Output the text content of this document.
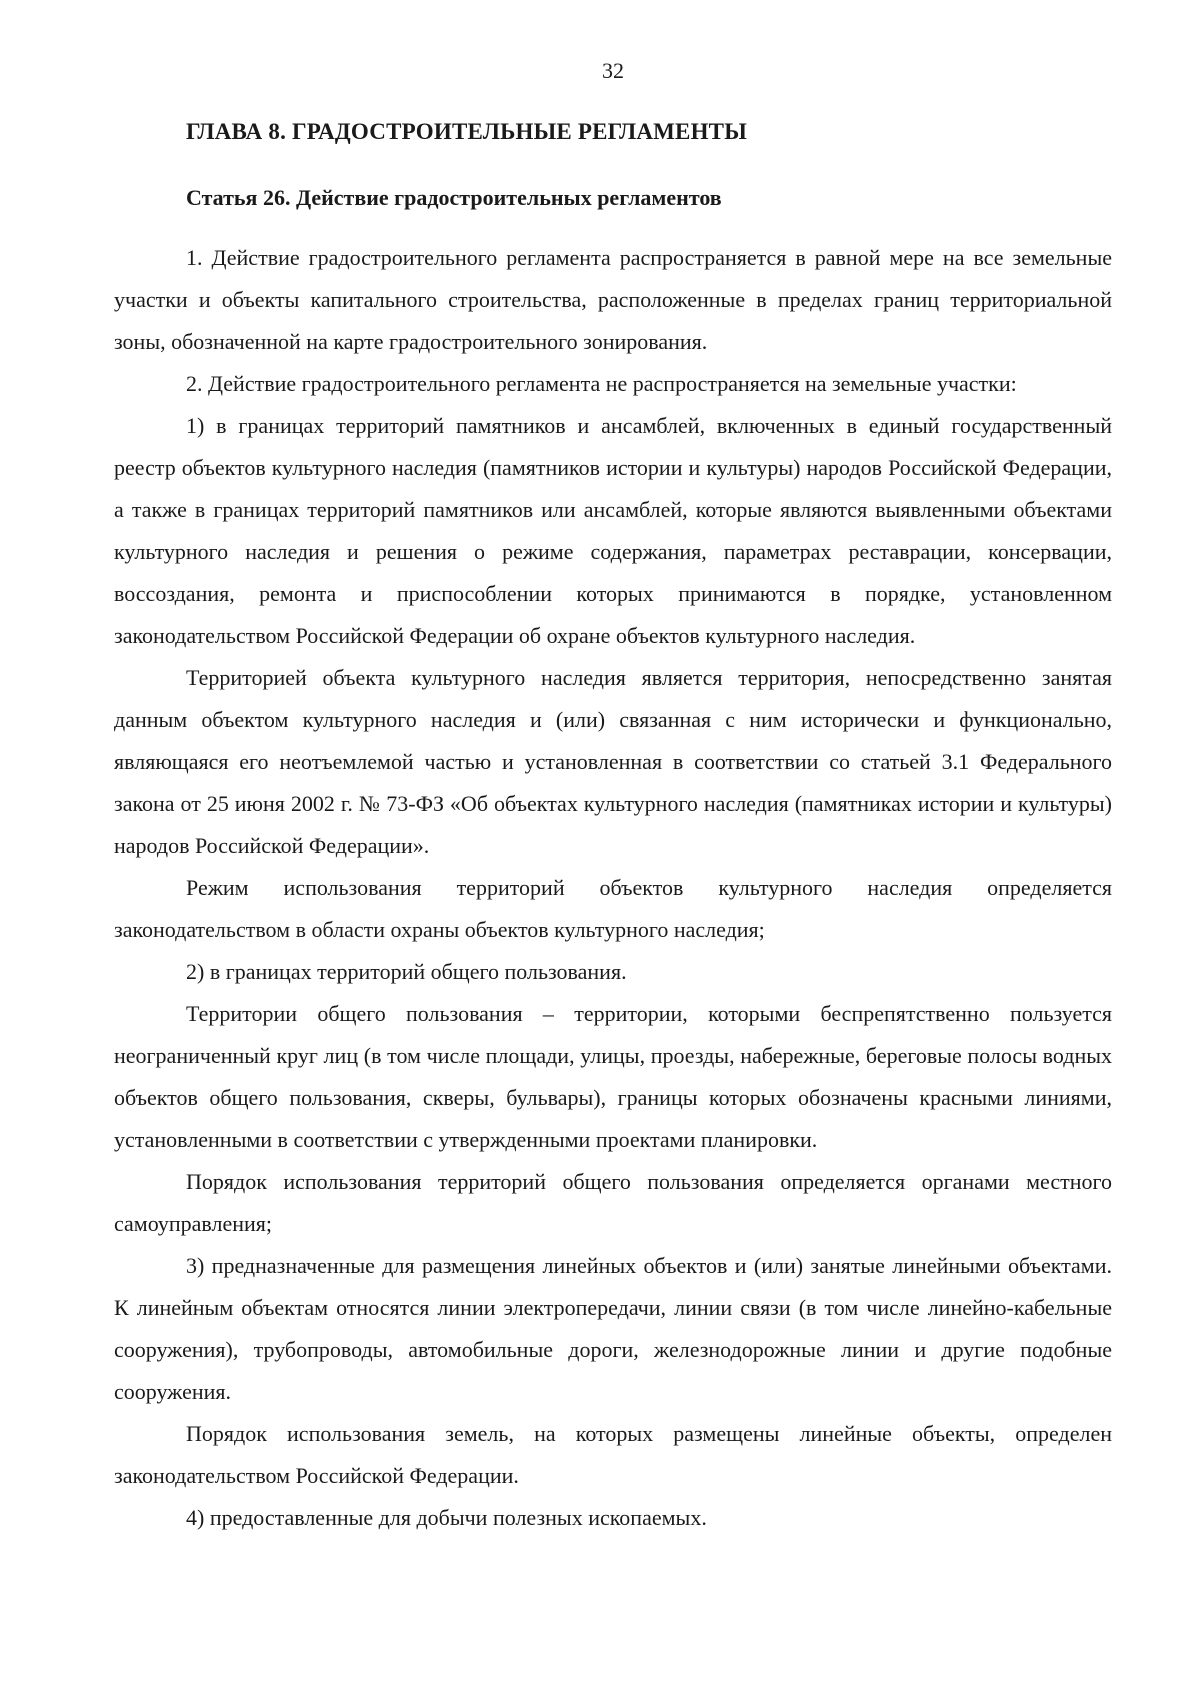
32
ГЛАВА 8. ГРАДОСТРОИТЕЛЬНЫЕ РЕГЛАМЕНТЫ
Статья 26. Действие градостроительных регламентов

1. Действие градостроительного регламента распространяется в равной мере на все земельные участки и объекты капитального строительства, расположенные в пределах границ территориальной зоны, обозначенной на карте градостроительного зонирования.

2. Действие градостроительного регламента не распространяется на земельные участки:

1) в границах территорий памятников и ансамблей, включенных в единый государственный реестр объектов культурного наследия (памятников истории и культуры) народов Российской Федерации, а также в границах территорий памятников или ансамблей, которые являются выявленными объектами культурного наследия и решения о режиме содержания, параметрах реставрации, консервации, воссоздания, ремонта и приспособлении которых принимаются в порядке, установленном законодательством Российской Федерации об охране объектов культурного наследия.

Территорией объекта культурного наследия является территория, непосредственно занятая данным объектом культурного наследия и (или) связанная с ним исторически и функционально, являющаяся его неотъемлемой частью и установленная в соответствии со статьей 3.1 Федерального закона от 25 июня 2002 г. № 73-ФЗ «Об объектах культурного наследия (памятниках истории и культуры) народов Российской Федерации».

Режим использования территорий объектов культурного наследия определяется законодательством в области охраны объектов культурного наследия;

2) в границах территорий общего пользования.

Территории общего пользования – территории, которыми беспрепятственно пользуется неограниченный круг лиц (в том числе площади, улицы, проезды, набережные, береговые полосы водных объектов общего пользования, скверы, бульвары), границы которых обозначены красными линиями, установленными в соответствии с утвержденными проектами планировки.

Порядок использования территорий общего пользования определяется органами местного самоуправления;

3) предназначенные для размещения линейных объектов и (или) занятые линейными объектами. К линейным объектам относятся линии электропередачи, линии связи (в том числе линейно-кабельные сооружения), трубопроводы, автомобильные дороги, железнодорожные линии и другие подобные сооружения.

Порядок использования земель, на которых размещены линейные объекты, определен законодательством Российской Федерации.

4) предоставленные для добычи полезных ископаемых.
